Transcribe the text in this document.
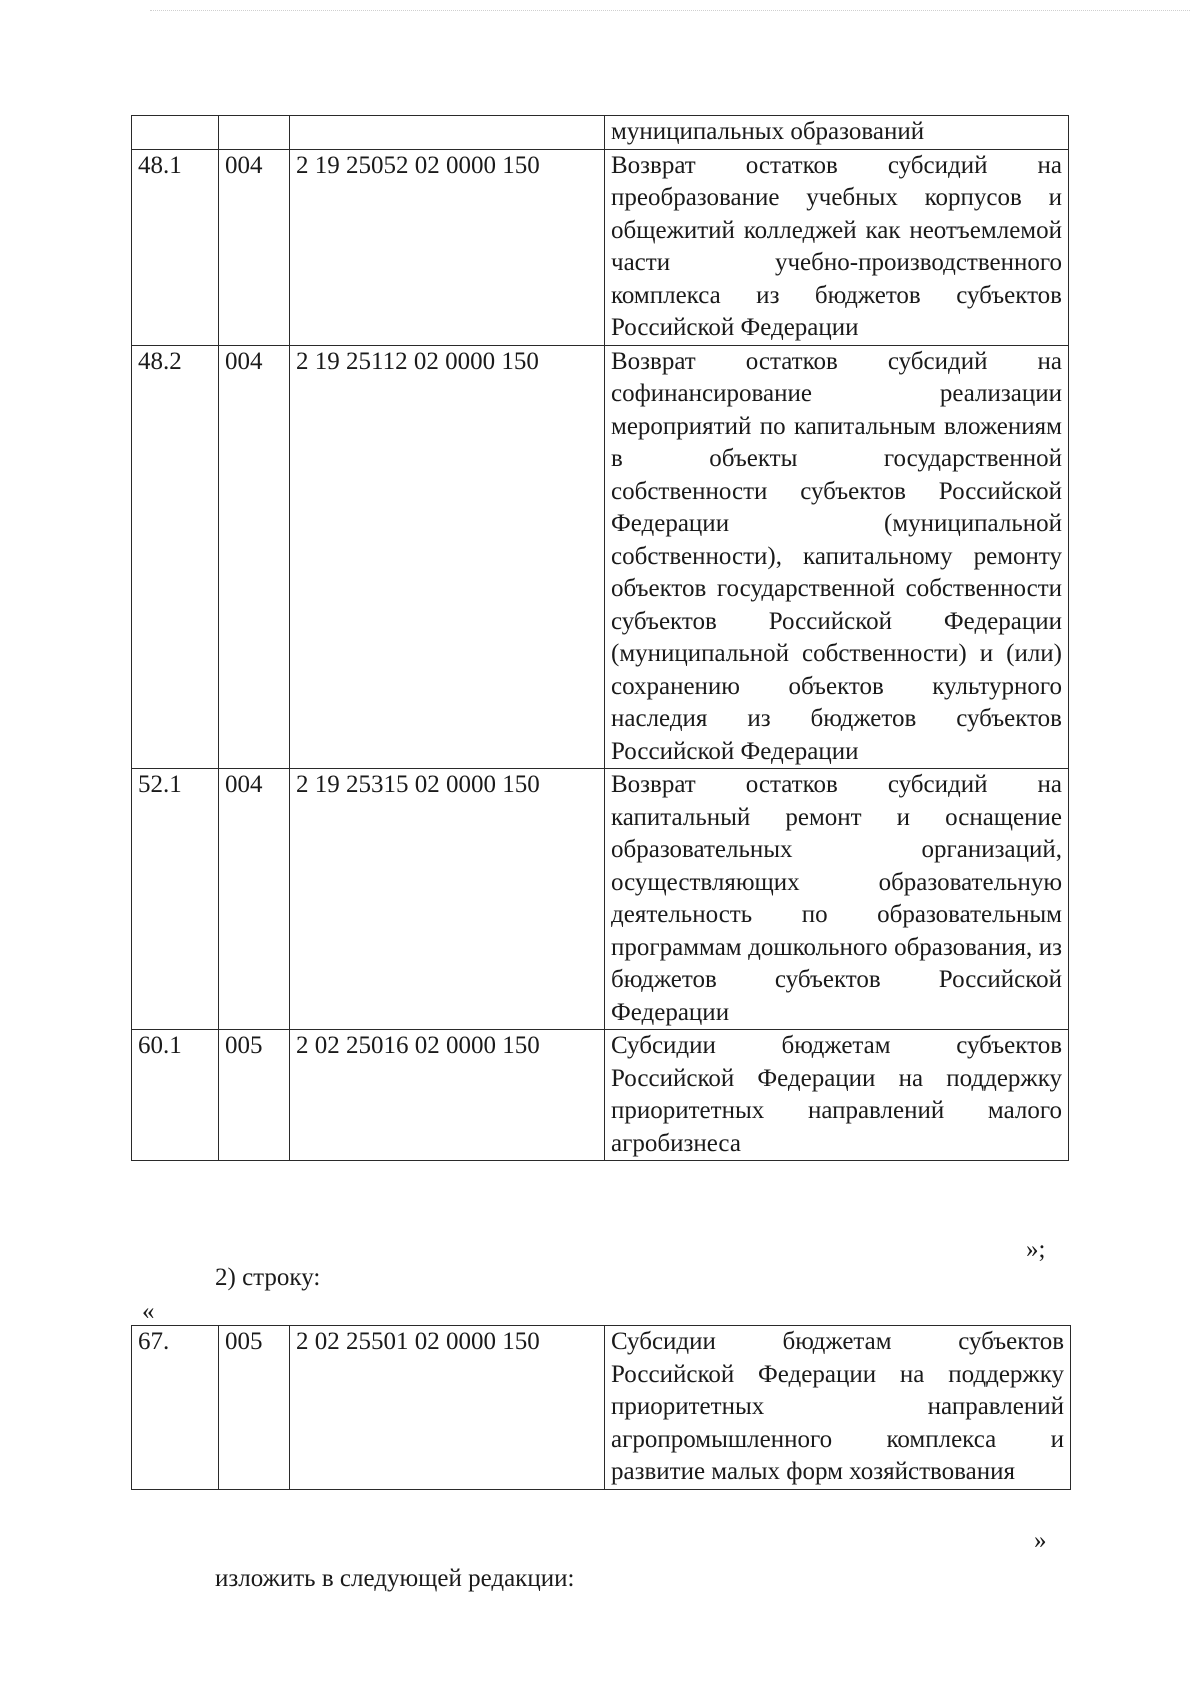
			муниципальных образований
48.1	004	2 19 25052 02 0000 150	Возврат остатков субсидий на преобразование учебных корпусов и общежитий колледжей как неотъемлемой части учебно-производственного комплекса из бюджетов субъектов Российской Федерации
48.2	004	2 19 25112 02 0000 150	Возврат остатков субсидий на софинансирование реализации мероприятий по капитальным вложениям в объекты государственной собственности субъектов Российской Федерации (муниципальной собственности), капитальному ремонту объектов государственной собственности субъектов Российской Федерации (муниципальной собственности) и (или) сохранению объектов культурного наследия из бюджетов субъектов Российской Федерации
52.1	004	2 19 25315 02 0000 150	Возврат остатков субсидий на капитальный ремонт и оснащение образовательных организаций, осуществляющих образовательную деятельность по образовательным программам дошкольного образования, из бюджетов субъектов Российской Федерации
60.1	005	2 02 25016 02 0000 150	Субсидии бюджетам субъектов Российской Федерации на поддержку приоритетных направлений малого агробизнеса

»;

2) строку:

«

67.	005	2 02 25501 02 0000 150	Субсидии бюджетам субъектов Российской Федерации на поддержку приоритетных направлений агропромышленного комплекса и развитие малых форм хозяйствования

»

изложить в следующей редакции:
